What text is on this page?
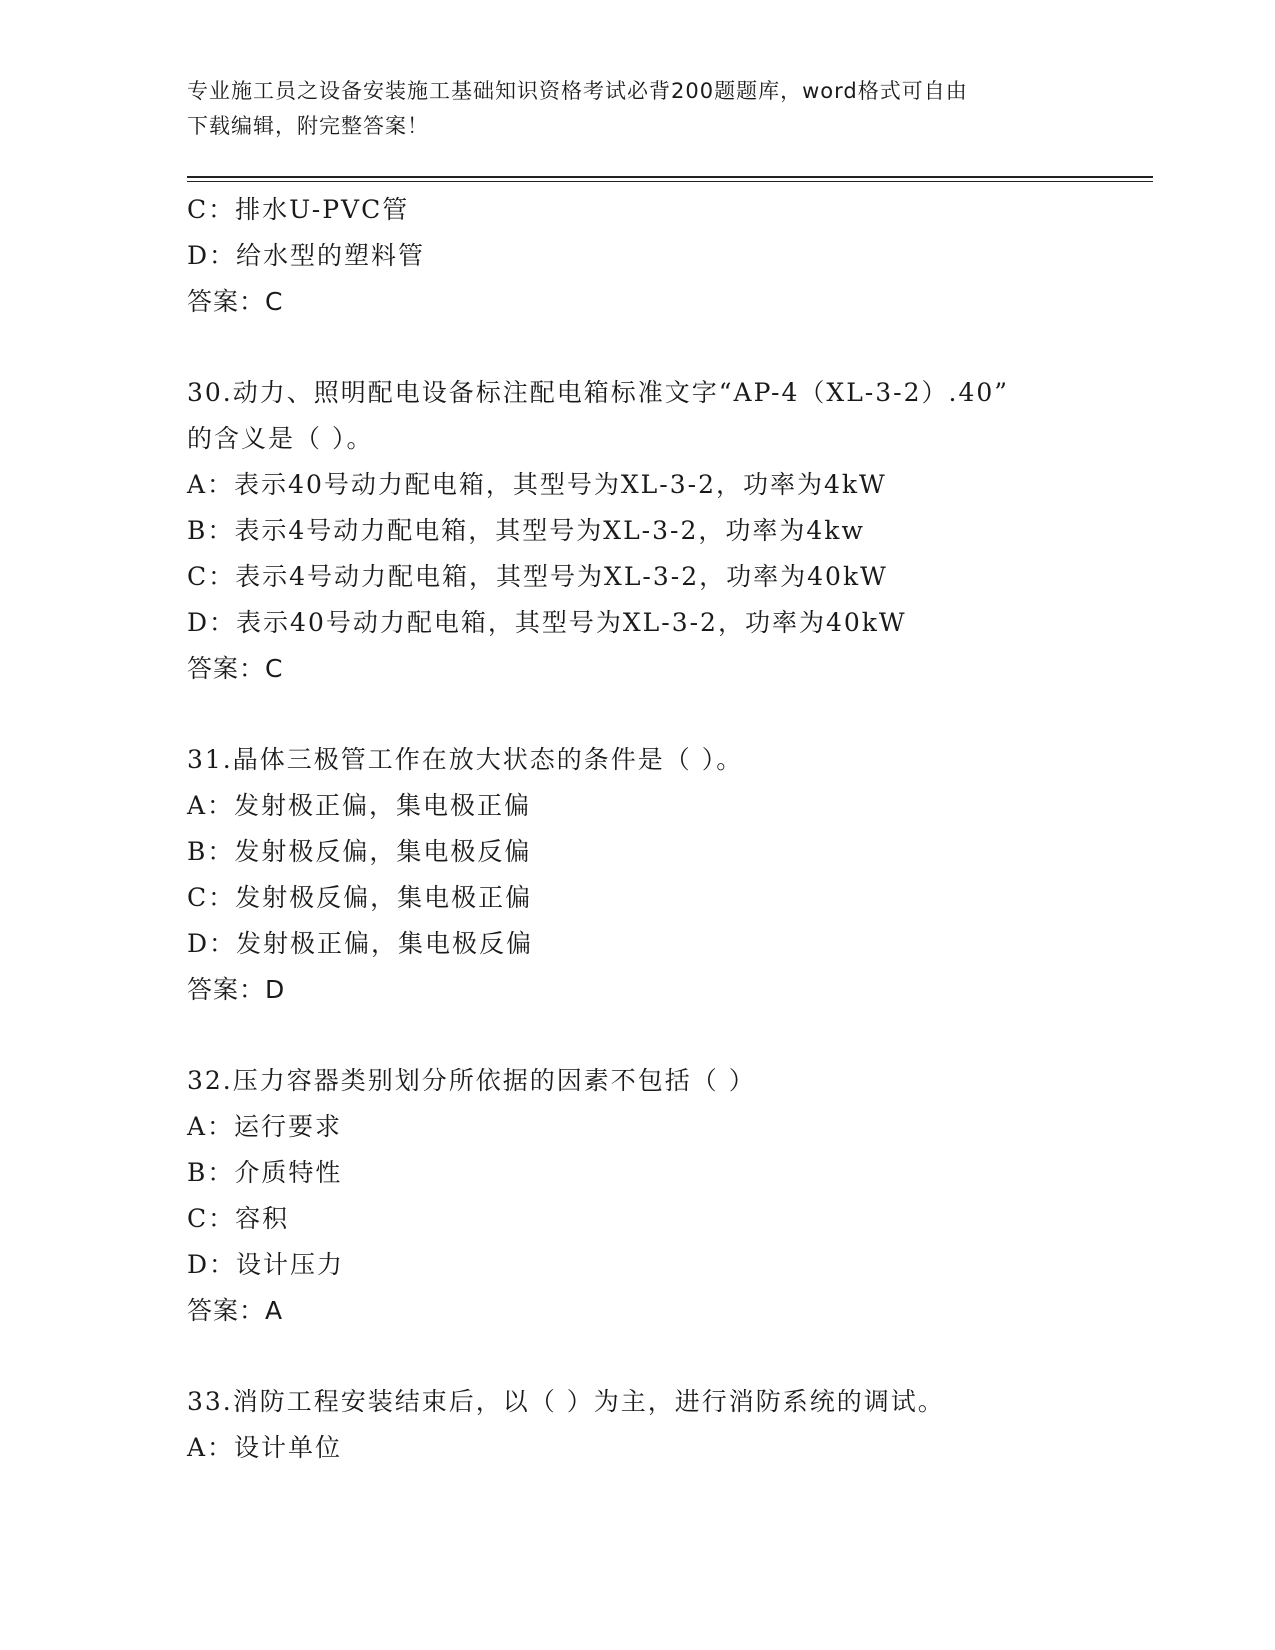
专业施工员之设备安装施工基础知识资格考试必背200题题库，word格式可自由
下载编辑，附完整答案！
C：排水U-PVC管
D：给水型的塑料管
答案：C
30.动力、照明配电设备标注配电箱标准文字“AP-4（XL-3-2）.40”
的含义是（ ）。
A：表示40号动力配电箱，其型号为XL-3-2，功率为4kW
B：表示4号动力配电箱，其型号为XL-3-2，功率为4kw
C：表示4号动力配电箱，其型号为XL-3-2，功率为40kW
D：表示40号动力配电箱，其型号为XL-3-2，功率为40kW
答案：C
31.晶体三极管工作在放大状态的条件是（ ）。
A：发射极正偏，集电极正偏
B：发射极反偏，集电极反偏
C：发射极反偏，集电极正偏
D：发射极正偏，集电极反偏
答案：D
32.压力容器类别划分所依据的因素不包括（ ）
A：运行要求
B：介质特性
C：容积
D：设计压力
答案：A
33.消防工程安装结束后，以（ ）为主，进行消防系统的调试。
A：设计单位
